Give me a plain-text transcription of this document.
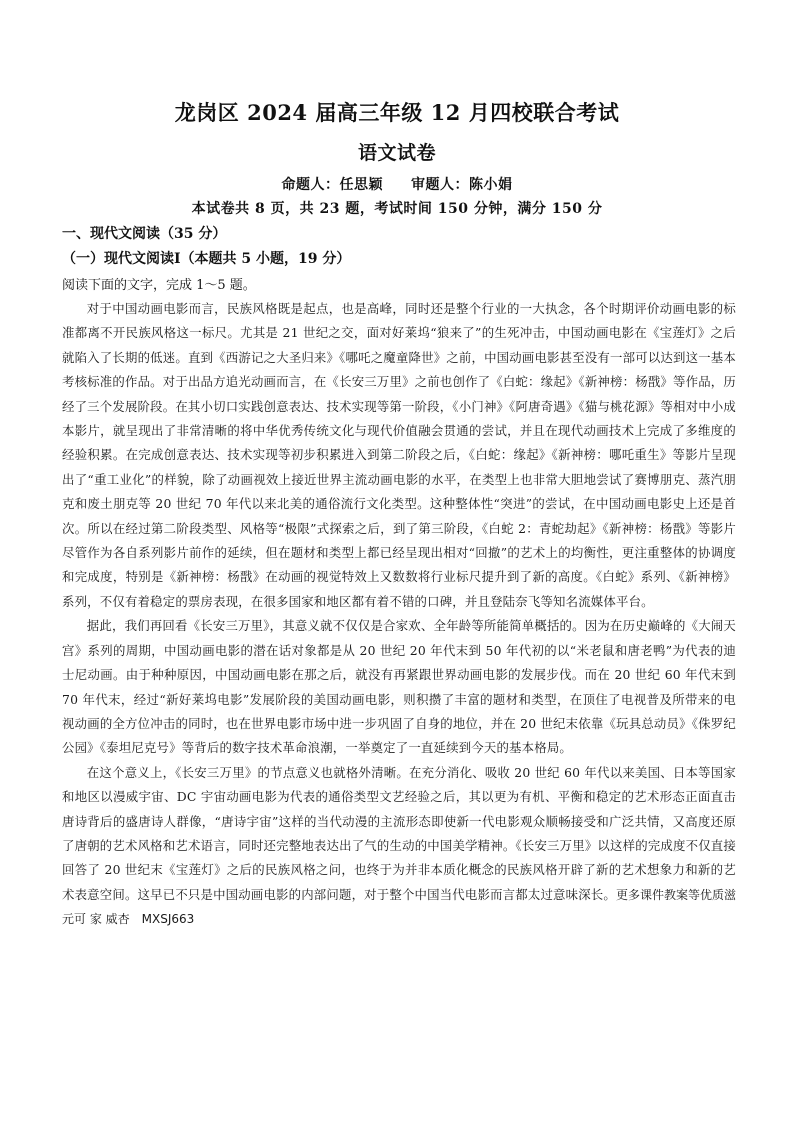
龙岗区 2024 届高三年级 12 月四校联合考试
语文试卷
命题人：任思颖 审题人：陈小娟
本试卷共 8 页，共 23 题，考试时间 150 分钟，满分 150 分

一、现代文阅读（35 分）

（一）现代文阅读Ⅰ（本题共 5 小题，19 分）

阅读下面的文字，完成 1～5 题。

对于中国动画电影而言，民族风格既是起点，也是高峰，同时还是整个行业的一大执念，各个时期评价动画电影的标准都离不开民族风格这一标尺。尤其是 21 世纪之交，面对好莱坞“狼来了”的生死冲击，中国动画电影在《宝莲灯》之后就陷入了长期的低迷。直到《西游记之大圣归来》《哪吒之魔童降世》之前，中国动画电影甚至没有一部可以达到这一基本考核标准的作品。对于出品方追光动画而言，在《长安三万里》之前也创作了《白蛇：缘起》《新神榜：杨戬》等作品，历经了三个发展阶段。在其小切口实践创意表达、技术实现等第一阶段，《小门神》《阿唐奇遇》《猫与桃花源》等相对中小成本影片，就呈现出了非常清晰的将中华优秀传统文化与现代价值融会贯通的尝试，并且在现代动画技术上完成了多维度的经验积累。在完成创意表达、技术实现等初步积累进入到第二阶段之后，《白蛇：缘起》《新神榜：哪吒重生》等影片呈现出了“重工业化”的样貌，除了动画视效上接近世界主流动画电影的水平，在类型上也非常大胆地尝试了赛博朋克、蒸汽朋克和废土朋克等 20 世纪 70 年代以来北美的通俗流行文化类型。这种整体性“突进”的尝试，在中国动画电影史上还是首次。所以在经过第二阶段类型、风格等“极限”式探索之后，到了第三阶段，《白蛇 2：青蛇劫起》《新神榜：杨戬》等影片尽管作为各自系列影片前作的延续，但在题材和类型上都已经呈现出相对“回撤”的艺术上的均衡性，更注重整体的协调度和完成度，特别是《新神榜：杨戬》在动画的视觉特效上又数数将行业标尺提升到了新的高度。《白蛇》系列、《新神榜》系列，不仅有着稳定的票房表现，在很多国家和地区都有着不错的口碑，并且登陆奈飞等知名流媒体平台。

据此，我们再回看《长安三万里》，其意义就不仅仅是合家欢、全年龄等所能简单概括的。因为在历史巅峰的《大闹天宫》系列的周期，中国动画电影的潜在话对象都是从 20 世纪 20 年代末到 50 年代初的以“米老鼠和唐老鸭”为代表的迪士尼动画。由于种种原因，中国动画电影在那之后，就没有再紧跟世界动画电影的发展步伐。而在 20 世纪 60 年代末到 70 年代末，经过“新好莱坞电影”发展阶段的美国动画电影，则积攒了丰富的题材和类型，在顶住了电视普及所带来的电视动画的全方位冲击的同时，也在世界电影市场中进一步巩固了自身的地位，并在 20 世纪末依靠《玩具总动员》《侏罗纪公园》《泰坦尼克号》等背后的数字技术革命浪潮，一举奠定了一直延续到今天的基本格局。

在这个意义上，《长安三万里》的节点意义也就格外清晰。在充分消化、吸收 20 世纪 60 年代以来美国、日本等国家和地区以漫威宇宙、DC 宇宙动画电影为代表的通俗类型文艺经验之后，其以更为有机、平衡和稳定的艺术形态正面直击唐诗背后的盛唐诗人群像，“唐诗宇宙”这样的当代动漫的主流形态即使新一代电影观众顺畅接受和广泛共情，又高度还原了唐朝的艺术风格和艺术语言，同时还完整地表达出了气的生动的中国美学精神。《长安三万里》以这样的完成度不仅直接回答了 20 世纪末《宝莲灯》之后的民族风格之问，也终于为并非本质化概念的民族风格开辟了新的艺术想象力和新的艺术表意空间。这早已不只是中国动画电影的内部问题，对于整个中国当代电影而言都太过意味深长。更多课件教案等优质滋元可 家 威杏　MXSJ663
